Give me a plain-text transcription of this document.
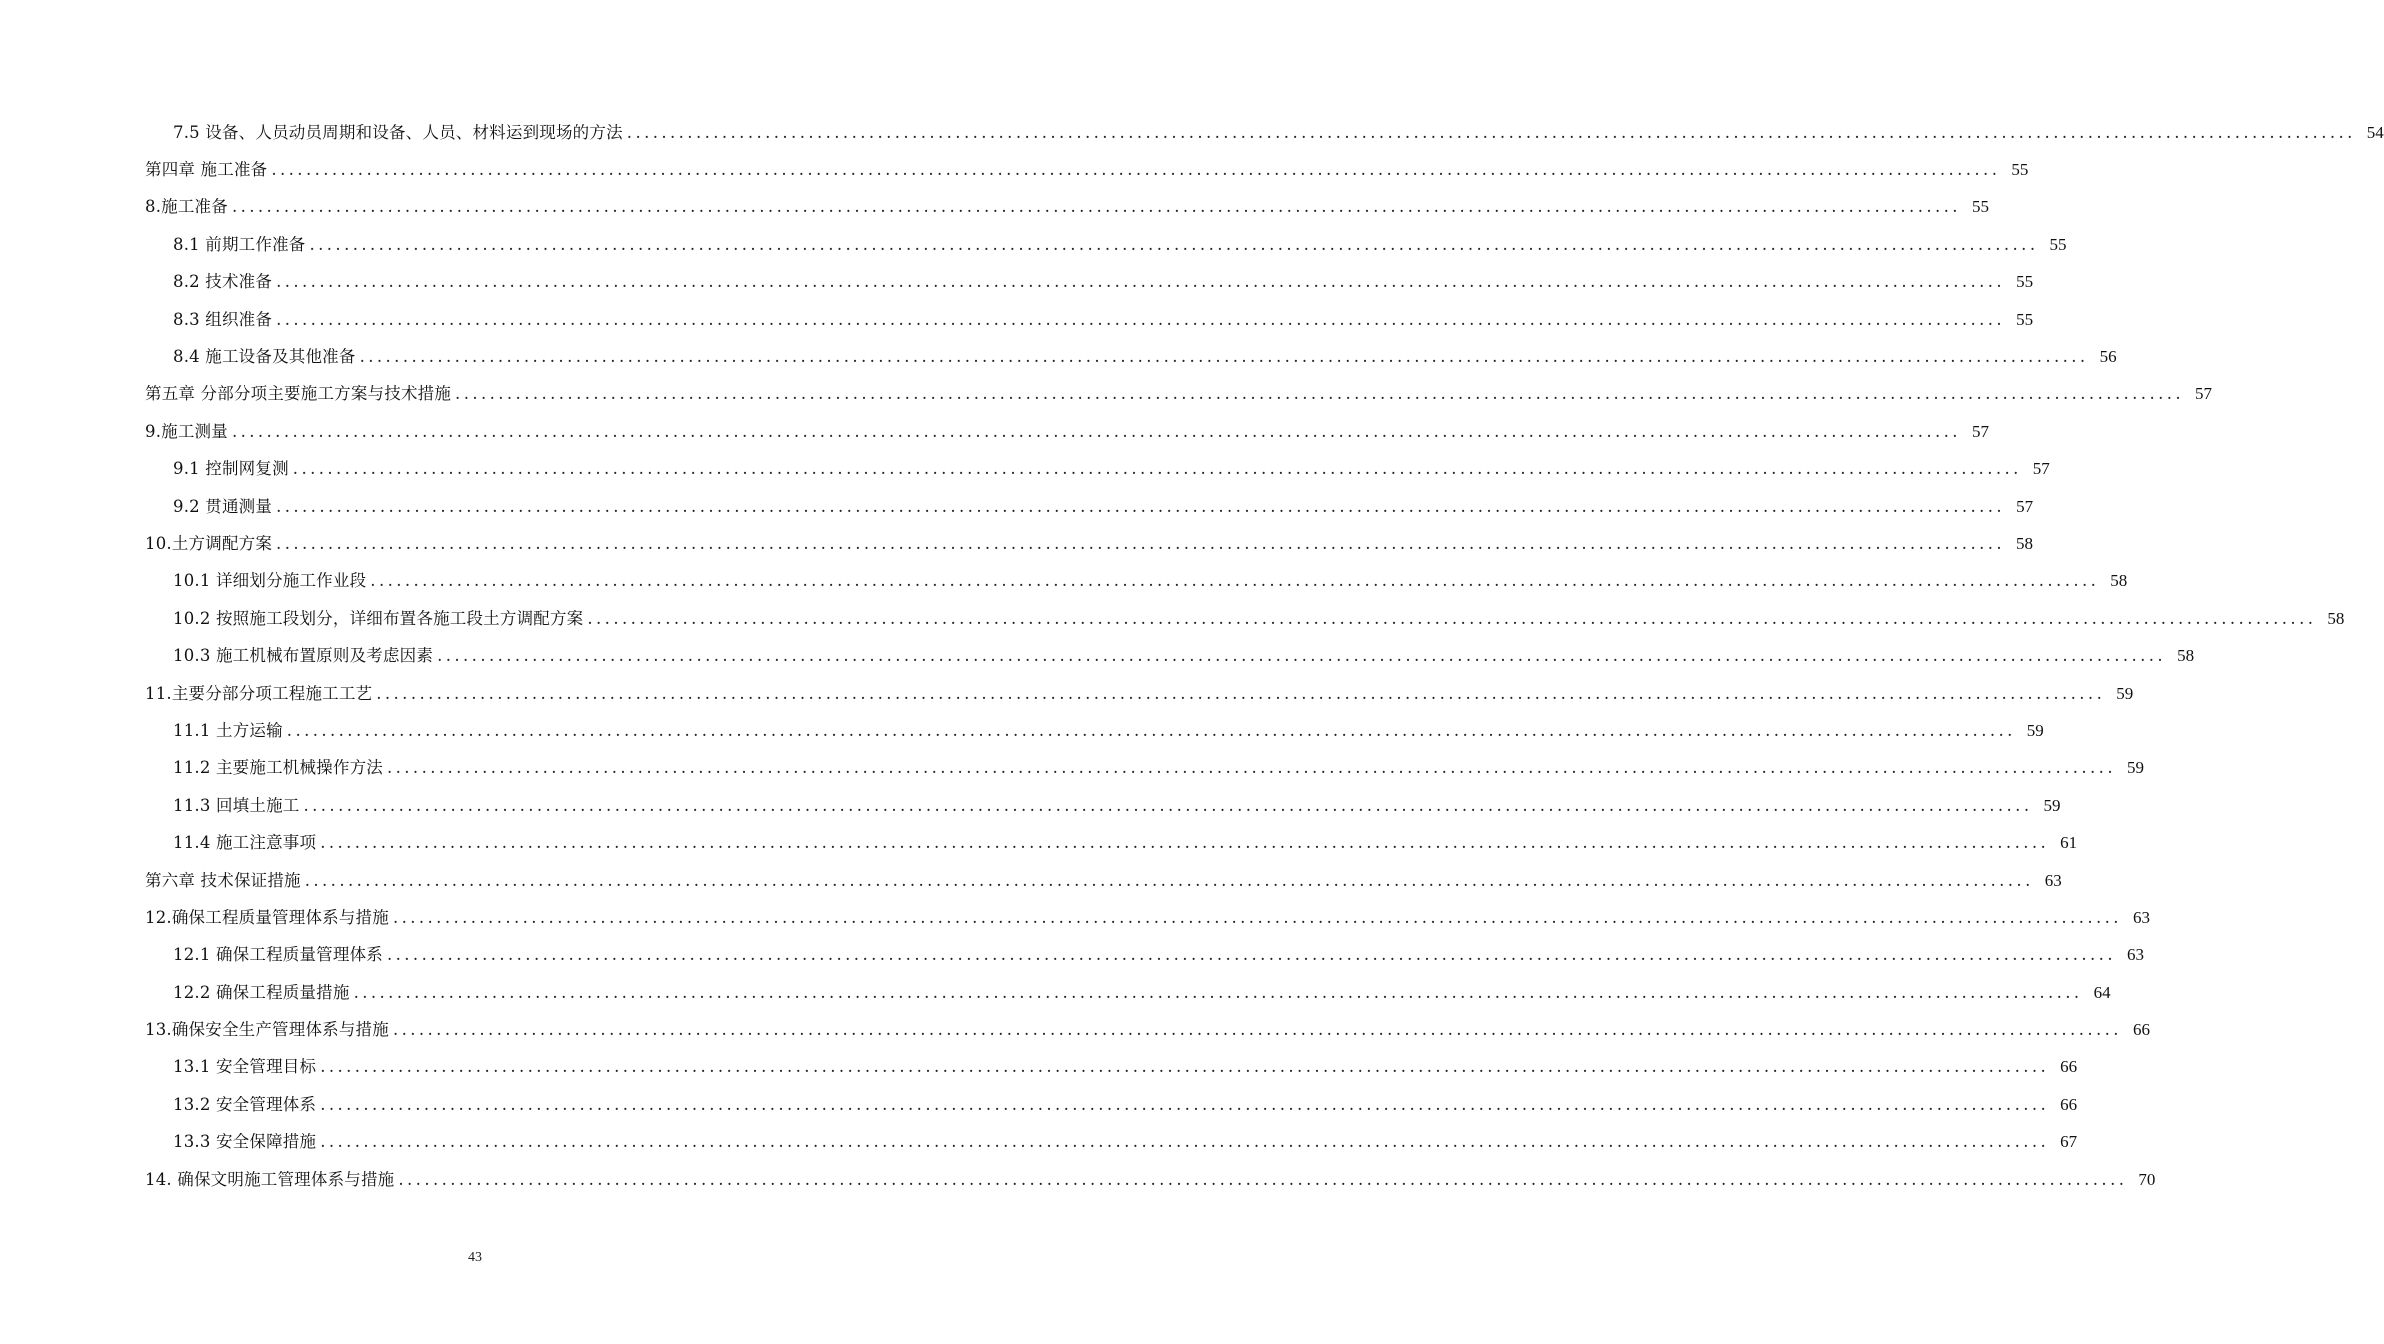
7.5 设备、人员动员周期和设备、人员、材料运到现场的方法 ........................................................................................................................................................................................................ 54
第四章 施工准备 ........................................................................................................................................................................................................ 55
8.施工准备 ........................................................................................................................................................................................................ 55
8.1 前期工作准备 ........................................................................................................................................................................................................ 55
8.2 技术准备 ........................................................................................................................................................................................................ 55
8.3 组织准备 ........................................................................................................................................................................................................ 55
8.4 施工设备及其他准备 ........................................................................................................................................................................................................ 56
第五章 分部分项主要施工方案与技术措施 ........................................................................................................................................................................................................ 57
9.施工测量 ........................................................................................................................................................................................................ 57
9.1 控制网复测 ........................................................................................................................................................................................................ 57
9.2 贯通测量 ........................................................................................................................................................................................................ 57
10.土方调配方案 ........................................................................................................................................................................................................ 58
10.1 详细划分施工作业段 ........................................................................................................................................................................................................ 58
10.2 按照施工段划分，详细布置各施工段土方调配方案 ........................................................................................................................................................................................................ 58
10.3 施工机械布置原则及考虑因素 ........................................................................................................................................................................................................ 58
11.主要分部分项工程施工工艺 ........................................................................................................................................................................................................ 59
11.1 土方运输 ........................................................................................................................................................................................................ 59
11.2 主要施工机械操作方法 ........................................................................................................................................................................................................ 59
11.3 回填土施工 ........................................................................................................................................................................................................ 59
11.4 施工注意事项 ........................................................................................................................................................................................................ 61
第六章 技术保证措施 ........................................................................................................................................................................................................ 63
12.确保工程质量管理体系与措施 ........................................................................................................................................................................................................ 63
12.1 确保工程质量管理体系 ........................................................................................................................................................................................................ 63
12.2 确保工程质量措施 ........................................................................................................................................................................................................ 64
13.确保安全生产管理体系与措施 ........................................................................................................................................................................................................ 66
13.1 安全管理目标 ........................................................................................................................................................................................................ 66
13.2 安全管理体系 ........................................................................................................................................................................................................ 66
13.3 安全保障措施 ........................................................................................................................................................................................................ 67
14. 确保文明施工管理体系与措施 ........................................................................................................................................................................................................ 70
43
